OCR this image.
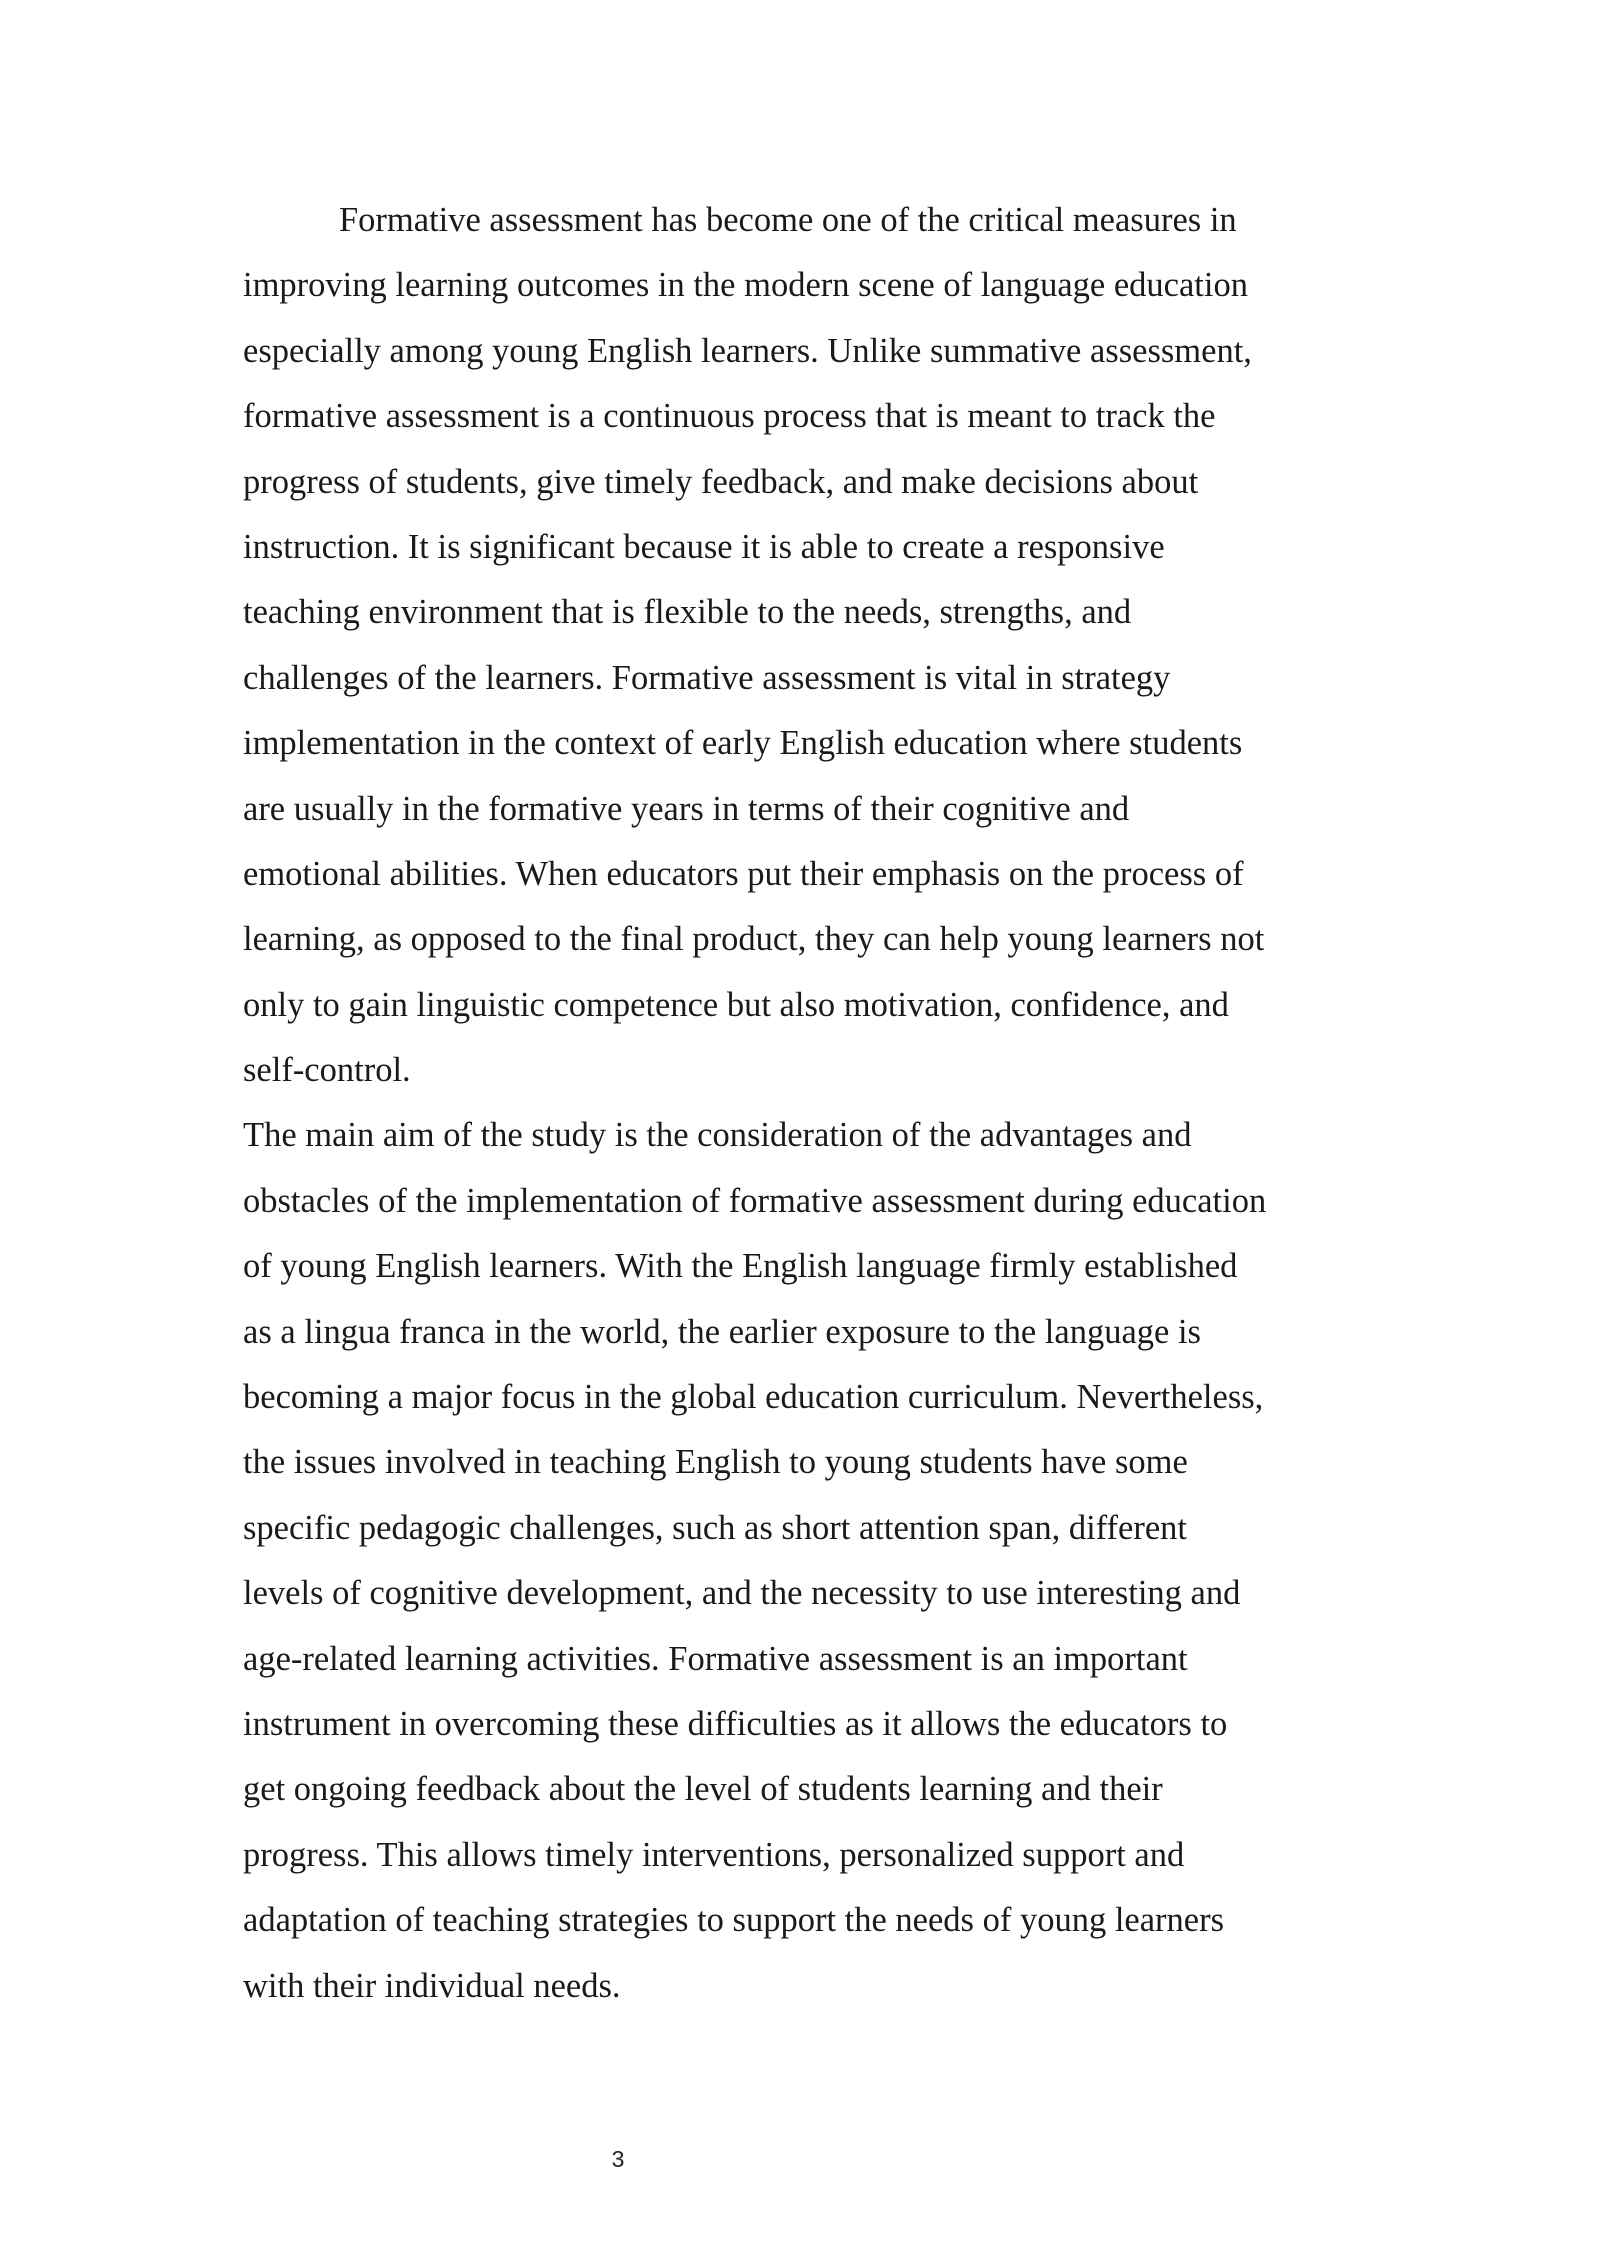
Formative assessment has become one of the critical measures in
improving learning outcomes in the modern scene of language education
especially among young English learners. Unlike summative assessment,
formative assessment is a continuous process that is meant to track the
progress of students, give timely feedback, and make decisions about
instruction. It is significant because it is able to create a responsive
teaching environment that is flexible to the needs, strengths, and
challenges of the learners. Formative assessment is vital in strategy
implementation in the context of early English education where students
are usually in the formative years in terms of their cognitive and
emotional abilities. When educators put their emphasis on the process of
learning, as opposed to the final product, they can help young learners not
only to gain linguistic competence but also motivation, confidence, and
self-control.
The main aim of the study is the consideration of the advantages and
obstacles of the implementation of formative assessment during education
of young English learners. With the English language firmly established
as a lingua franca in the world, the earlier exposure to the language is
becoming a major focus in the global education curriculum. Nevertheless,
the issues involved in teaching English to young students have some
specific pedagogic challenges, such as short attention span, different
levels of cognitive development, and the necessity to use interesting and
age-related learning activities. Formative assessment is an important
instrument in overcoming these difficulties as it allows the educators to
get ongoing feedback about the level of students learning and their
progress. This allows timely interventions, personalized support and
adaptation of teaching strategies to support the needs of young learners
with their individual needs.
3
